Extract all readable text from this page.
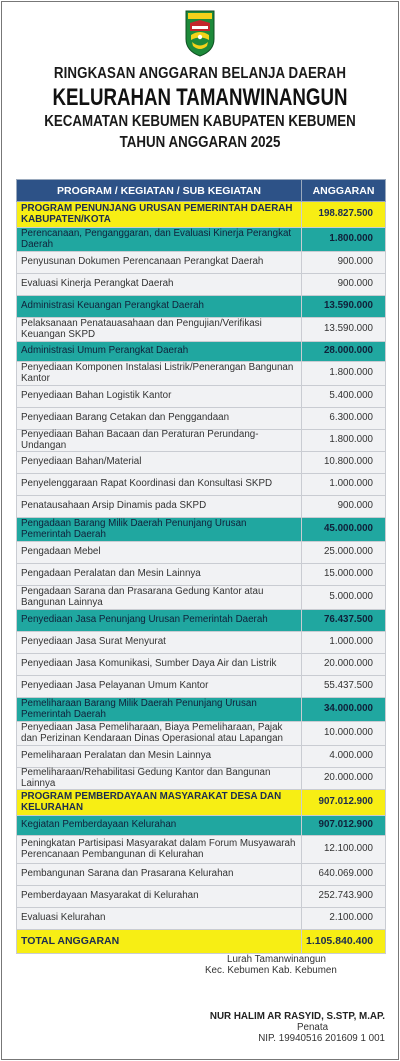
RINGKASAN ANGGARAN BELANJA DAERAH
KELURAHAN TAMANWINANGUN
KECAMATAN KEBUMEN KABUPATEN KEBUMEN
TAHUN ANGGARAN 2025
PROGRAM / KEGIATAN / SUB KEGIATAN	ANGGARAN
PROGRAM PENUNJANG URUSAN PEMERINTAH DAERAH KABUPATEN/KOTA	198.827.500
Perencanaan, Penganggaran, dan Evaluasi Kinerja Perangkat Daerah	1.800.000
Penyusunan Dokumen Perencanaan Perangkat Daerah	900.000
Evaluasi Kinerja Perangkat Daerah	900.000
Administrasi Keuangan Perangkat Daerah	13.590.000
Pelaksanaan Penatauasahaan dan Pengujian/Verifikasi Keuangan SKPD	13.590.000
Administrasi Umum Perangkat Daerah	28.000.000
Penyediaan Komponen Instalasi Listrik/Penerangan Bangunan Kantor	1.800.000
Penyediaan Bahan Logistik Kantor	5.400.000
Penyediaan Barang Cetakan dan Penggandaan	6.300.000
Penyediaan Bahan Bacaan dan Peraturan Perundang-Undangan	1.800.000
Penyediaan Bahan/Material	10.800.000
Penyelenggaraan Rapat Koordinasi dan Konsultasi SKPD	1.000.000
Penatausahaan Arsip Dinamis pada SKPD	900.000
Pengadaan Barang Milik Daerah Penunjang Urusan Pemerintah Daerah	45.000.000
Pengadaan Mebel	25.000.000
Pengadaan Peralatan dan Mesin Lainnya	15.000.000
Pengadaan Sarana dan Prasarana Gedung Kantor atau Bangunan Lainnya	5.000.000
Penyediaan Jasa Penunjang Urusan Pemerintah Daerah	76.437.500
Penyediaan Jasa Surat Menyurat	1.000.000
Penyediaan Jasa Komunikasi, Sumber Daya Air dan Listrik	20.000.000
Penyediaan Jasa Pelayanan Umum Kantor	55.437.500
Pemeliharaan Barang Milik Daerah Penunjang Urusan Pemerintah Daerah	34.000.000
Penyediaan Jasa Pemeliharaan, Biaya Pemeliharaan, Pajak dan Perizinan Kendaraan Dinas Operasional atau Lapangan	10.000.000
Pemeliharaan Peralatan dan Mesin Lainnya	4.000.000
Pemeliharaan/Rehabilitasi Gedung Kantor dan Bangunan Lainnya	20.000.000
PROGRAM PEMBERDAYAAN MASYARAKAT DESA DAN KELURAHAN	907.012.900
Kegiatan Pemberdayaan Kelurahan	907.012.900
Peningkatan Partisipasi Masyarakat dalam Forum Musyawarah Perencanaan Pembangunan di Kelurahan	12.100.000
Pembangunan Sarana dan Prasarana Kelurahan	640.069.000
Pemberdayaan Masyarakat di Kelurahan	252.743.900
Evaluasi Kelurahan	2.100.000
TOTAL ANGGARAN	1.105.840.400
Lurah Tamanwinangun
Kec. Kebumen Kab. Kebumen
NUR HALIM AR RASYID, S.STP, M.AP.
Penata
NIP. 19940516 201609 1 001
